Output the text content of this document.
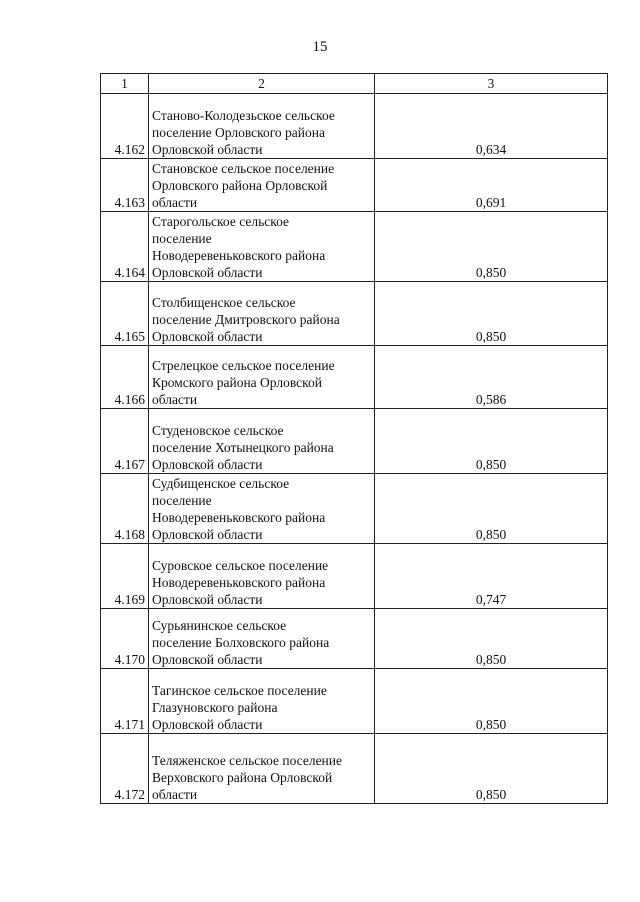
15
1	2	3
4.162	Станово-Колодезьское сельское
поселение Орловского района
Орловской области	0,634
4.163	Становское сельское поселение
Орловского района Орловской
области	0,691
4.164	Старогольское сельское
поселение
Новодеревеньковского района
Орловской области	0,850
4.165	Столбищенское сельское
поселение Дмитровского района
Орловской области	0,850
4.166	Стрелецкое сельское поселение
Кромского района Орловской
области	0,586
4.167	Студеновское сельское
поселение Хотынецкого района
Орловской области	0,850
4.168	Судбищенское сельское
поселение
Новодеревеньковского района
Орловской области	0,850
4.169	Суровское сельское поселение
Новодеревеньковского района
Орловской области	0,747
4.170	Сурьянинское сельское
поселение Болховского района
Орловской области	0,850
4.171	Тагинское сельское поселение
Глазуновского района
Орловской области	0,850
4.172	Теляженское сельское поселение
Верховского района Орловской
области	0,850
